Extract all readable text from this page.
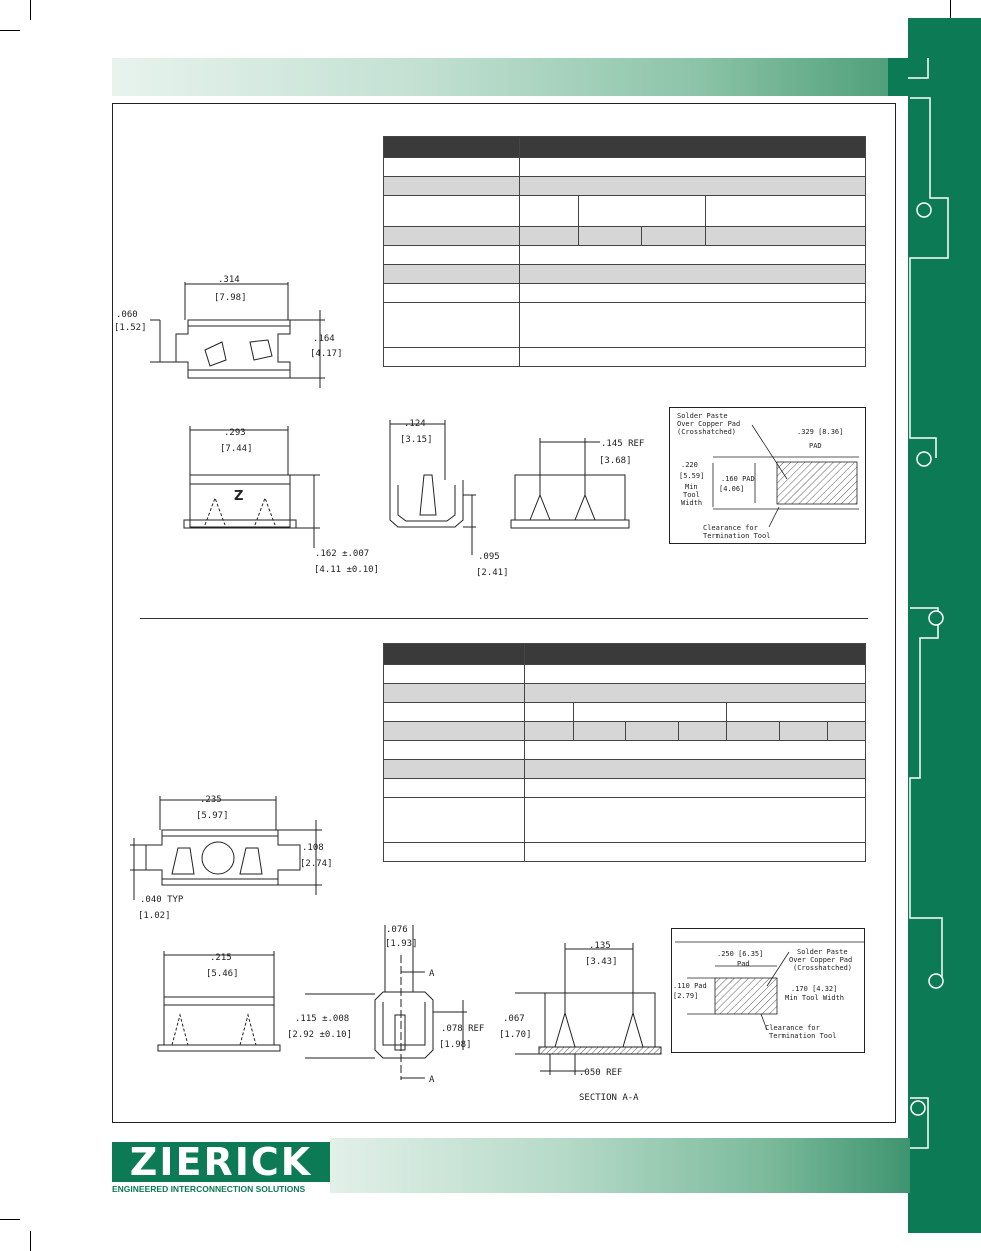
.314
[7.98]
.060
[1.52]
.164
[4.17]
Z
.293
[7.44]
.162 ±.007
[4.11 ±0.10]
.124
[3.15]
.095
[2.41]
.145 REF
[3.68]
Solder Paste
Over Copper Pad
(Crosshatched)	.329 [8.36]
PAD
.220
[5.59]
Min
Tool
Width
.160 PAD
[4.06]
Clearance for
Termination Tool
.235
[5.97]
.108
[2.74]
.040 TYP
[1.02]
.215
[5.46]
.076
[1.93]
.115 ±.008
[2.92 ±0.10]
.078 REF
[1.98]
A
A
.135
[3.43]
.067
[1.70]
.050 REF
SECTION A-A
.250 [6.35]
Pad
Solder Paste
Over Copper Pad
(Crosshatched)
.110 Pad
[2.79]
.170 [4.32]
Min Tool Width
Clearance for
Termination Tool
ZIERICK
ENGINEERED INTERCONNECTION SOLUTIONS
